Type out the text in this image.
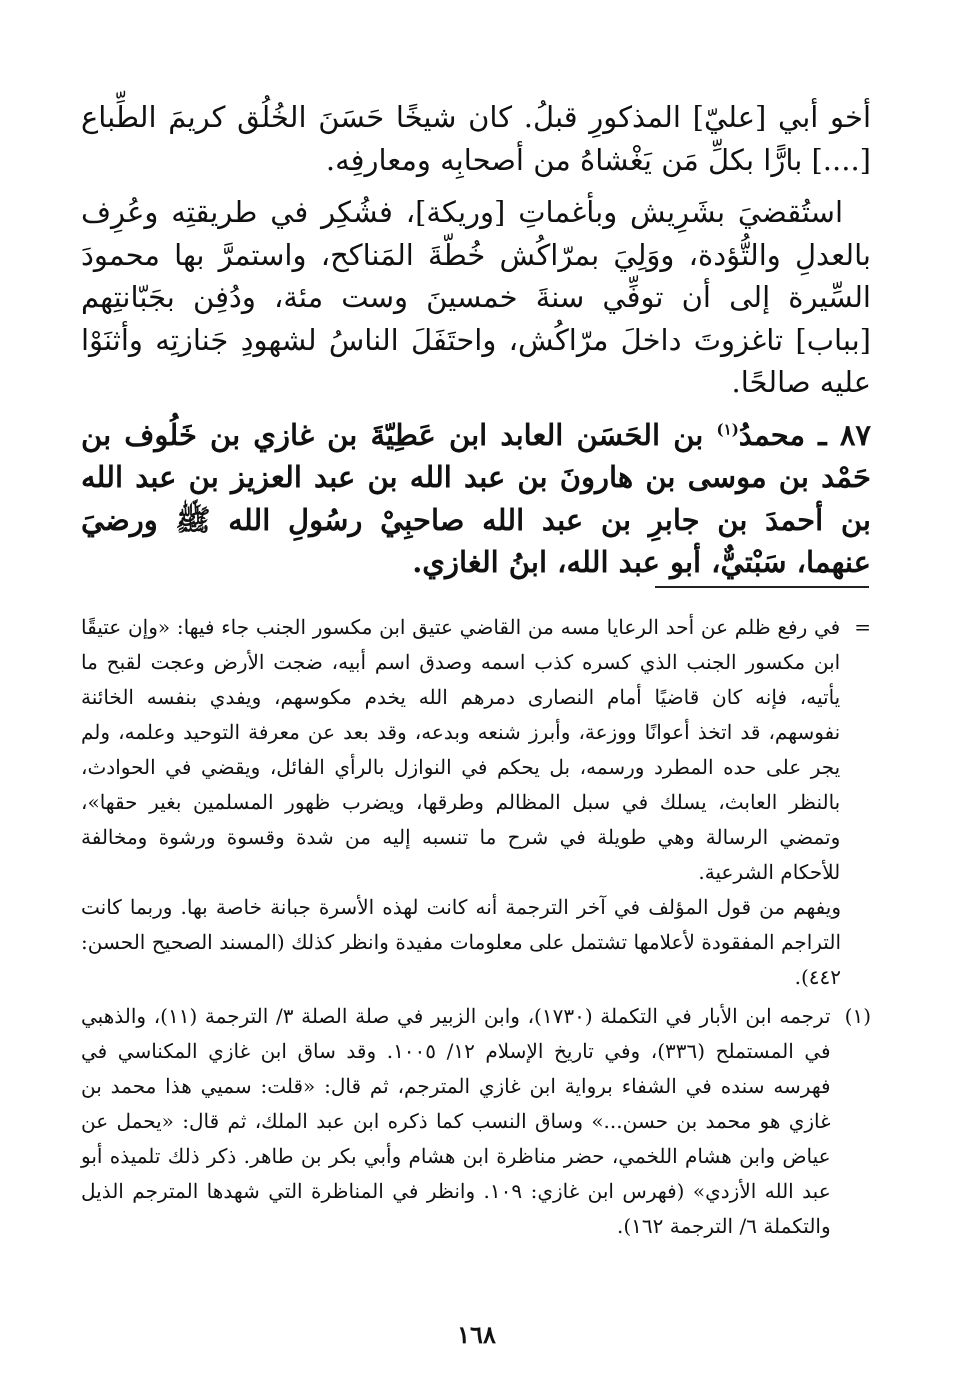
أخو أبي [عليّ] المذكورِ قبلُ. كان شيخًا حَسَنَ الخُلُق كريمَ الطِّباع [....] بارًّا بكلِّ مَن يَغْشاهُ من أصحابِه ومعارفِه.

استُقضيَ بشَرِيش وبأغماتِ [وريكة]، فشُكِر في طريقتِه وعُرِف بالعدلِ والتُّؤدة، ووَلِيَ بمرّاكُش خُطّةَ المَناكح، واستمرَّ بها محمودَ السِّيرة إلى أن توفِّي سنةَ خمسينَ وست مئة، ودُفِن بجَبّانتِهم [بباب] تاغزوتَ داخلَ مرّاكُش، واحتَفَلَ الناسُ لشهودِ جَنازتِه وأثنَوْا عليه صالحًا.

٨٧ ـ محمدُ$^{(١)}$ بن الحَسَن العابد ابن عَطِيّةَ بن غازي بن خَلُوف بن حَمْد بن موسى بن هارونَ بن عبد الله بن عبد العزيز بن عبد الله بن أحمدَ بن جابرِ بن عبد الله صاحبِيْ رسُولِ الله ﷺ ورضيَ عنهما، سَبْتيٌّ، أبو عبد الله، ابنُ الغازي.

=

في رفع ظلم عن أحد الرعايا مسه من القاضي عتيق ابن مكسور الجنب جاء فيها: «وإن عتيقًا ابن مكسور الجنب الذي كسره كذب اسمه وصدق اسم أبيه، ضجت الأرض وعجت لقبح ما يأتيه، فإنه كان قاضيًا أمام النصارى دمرهم الله يخدم مكوسهم، ويفدي بنفسه الخائنة نفوسهم، قد اتخذ أعوانًا ووزعة، وأبرز شنعه وبدعه، وقد بعد عن معرفة التوحيد وعلمه، ولم يجر على حده المطرد ورسمه، بل يحكم في النوازل بالرأي الفائل، ويقضي في الحوادث، بالنظر العابث، يسلك في سبل المظالم وطرقها، ويضرب ظهور المسلمين بغير حقها»، وتمضي الرسالة وهي طويلة في شرح ما تنسبه إليه من شدة وقسوة ورشوة ومخالفة للأحكام الشرعية.

ويفهم من قول المؤلف في آخر الترجمة أنه كانت لهذه الأسرة جبانة خاصة بها. وربما كانت التراجم المفقودة لأعلامها تشتمل على معلومات مفيدة وانظر كذلك (المسند الصحيح الحسن: ٤٤٢).

(١)

ترجمه ابن الأبار في التكملة (١٧٣٠)، وابن الزبير في صلة الصلة ٣/ الترجمة (١١)، والذهبي في المستملح (٣٣٦)، وفي تاريخ الإسلام ١٢/ ١٠٠٥. وقد ساق ابن غازي المكناسي في فهرسه سنده في الشفاء برواية ابن غازي المترجم، ثم قال: «قلت: سميي هذا محمد بن غازي هو محمد بن حسن...» وساق النسب كما ذكره ابن عبد الملك، ثم قال: «يحمل عن عياض وابن هشام اللخمي، حضر مناظرة ابن هشام وأبي بكر بن طاهر. ذكر ذلك تلميذه أبو عبد الله الأزدي» (فهرس ابن غازي: ١٠٩. وانظر في المناظرة التي شهدها المترجم الذيل والتكملة ٦/ الترجمة ١٦٢).

١٦٨
